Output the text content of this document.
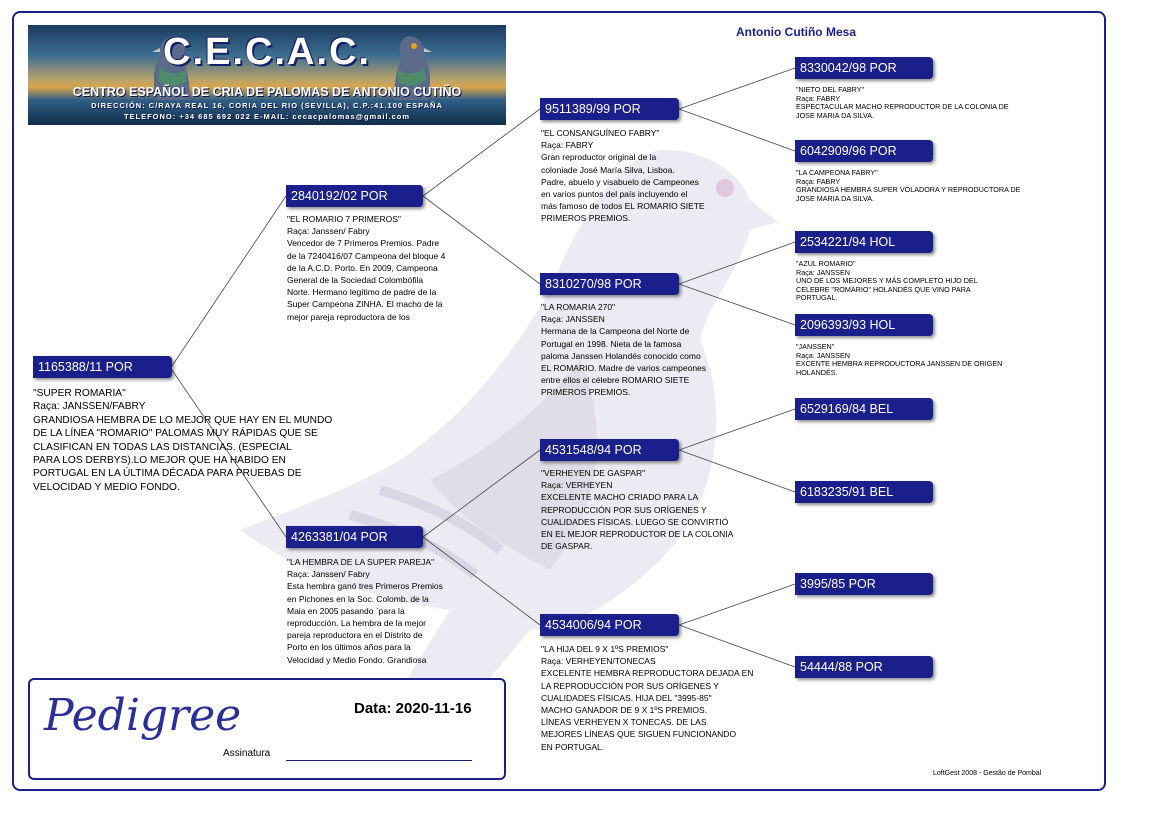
C.E.C.A.C.
CENTRO ESPAÑOL DE CRIA DE PALOMAS DE ANTONIO CUTIÑO
DIRECCIÓN: C/RAYA REAL 16, CORIA DEL RIO (SEVILLA), C.P.:41.100 ESPAÑA
TELEFONO: +34 685 692 022 E-MAIL: cecacpalomas@gmail.com
Antonio Cutiño Mesa
1165388/11 POR
"SUPER ROMARIA"
Raça: JANSSEN/FABRY
GRANDIOSA HEMBRA DE LO MEJOR QUE HAY EN EL MUNDO
DE LA LÍNEA "ROMARIO" PALOMAS MUY RÁPIDAS QUE SE
CLASIFICAN EN TODAS LAS DISTANCIAS. (ESPECIAL
PARA LOS DERBYS).LO MEJOR QUE HA HABIDO EN
PORTUGAL EN LA ÚLTIMA DÉCADA PARA PRUEBAS DE
VELOCIDAD Y MEDIO FONDO.
2840192/02 POR
"EL ROMARIO 7 PRIMEROS"
Raça: Janssen/ Fabry
Vencedor de 7 Primeros Premios. Padre
de la 7240416/07 Campeona del bloque 4
de la A.C.D. Porto. En 2009, Campeona
General de la Sociedad Colombófila
Norte. Hermano legítimo de padre de la
Super Campeona ZINHA. El macho de la
mejor pareja reproductora de los
4263381/04 POR
"LA HEMBRA DE LA SUPER PAREJA"
Raça: Janssen/ Fabry
Esta hembra ganó tres Primeros Premios
en Pichones en la Soc. Colomb. de la
Maia en 2005 pasando `para la
reproducción. La hembra de la mejor
pareja reproductora en el Distrito de
Porto en los últimos años para la
Velocidad y Medio Fondo. Grandiosa
9511389/99 POR
"EL CONSANGUÍNEO FABRY"
Raça: FABRY
Gran reproductor original de la
coloniade José María Silva, Lisboa.
Padre, abuelo y visabuelo de Campeones
en varios puntos del país incluyendo el
más famoso de todos EL ROMARIO SIETE
PRIMEROS PREMIOS.
8310270/98 POR
"LA ROMARIA 270"
Raça: JANSSEN
Hermana de la Campeona del Norte de
Portugal en 1998. Nieta de la famosa
paloma Janssen Holandés conocido como
EL ROMARIO. Madre de varios campeones
entre ellos el célebre ROMARIO SIETE
PRIMEROS PREMIOS.
4531548/94 POR
"VERHEYEN DE GASPAR"
Raça: VERHEYEN
EXCELENTE MACHO CRIADO PARA LA
REPRODUCCIÓN POR SUS ORÍGENES Y
CUALIDADES FÍSICAS. LUEGO SE CONVIRTIÓ
EN EL MEJOR REPRODUCTOR DE LA COLONIA
DE GASPAR.
4534006/94 POR
"LA HIJA DEL 9 X 1ºS PREMIOS"
Raça: VERHEYEN/TONECAS
EXCELENTE HEMBRA REPRODUCTORA DEJADA EN
LA REPRODUCCIÓN POR SUS ORÍGENES Y
CUALIDADES FÍSICAS. HIJA DEL "3995-85"
MACHO GANADOR DE 9 X 1ºS PREMIOS.
LÍNEAS VERHEYEN X TONECAS. DE LAS
MEJORES LÍNEAS QUE SIGUEN FUNCIONANDO
EN PORTUGAL.
8330042/98 POR
"NIETO DEL FABRY"
Raça: FABRY
ESPECTACULAR MACHO REPRODUCTOR DE LA COLONIA DE
JOSE MARIA DA SILVA.
6042909/96 POR
"LA CAMPEONA FABRY"
Raça: FABRY
GRANDIOSA HEMBRA SUPER VOLADORA Y REPRODUCTORA DE
JOSE MARIA DA SILVA.
2534221/94 HOL
"AZUL ROMARIO"
Raça: JANSSEN
UNO DE LOS MEJORES Y MÁS COMPLETO HIJO DEL
CELEBRE "ROMARIO" HOLANDÉS QUE VINO PARA
PORTUGAL.
2096393/93 HOL
"JANSSEN"
Raça: JANSSEN
EXCENTE HEMBRA REPRODUCTORA JANSSEN DE ORIGEN
HOLANDÉS.
6529169/84 BEL
6183235/91 BEL
3995/85 POR
54444/88 POR
Pedigree	Data: 2020-11-16
Assinatura
LoftGest 2008 - Gestão de Pombal
